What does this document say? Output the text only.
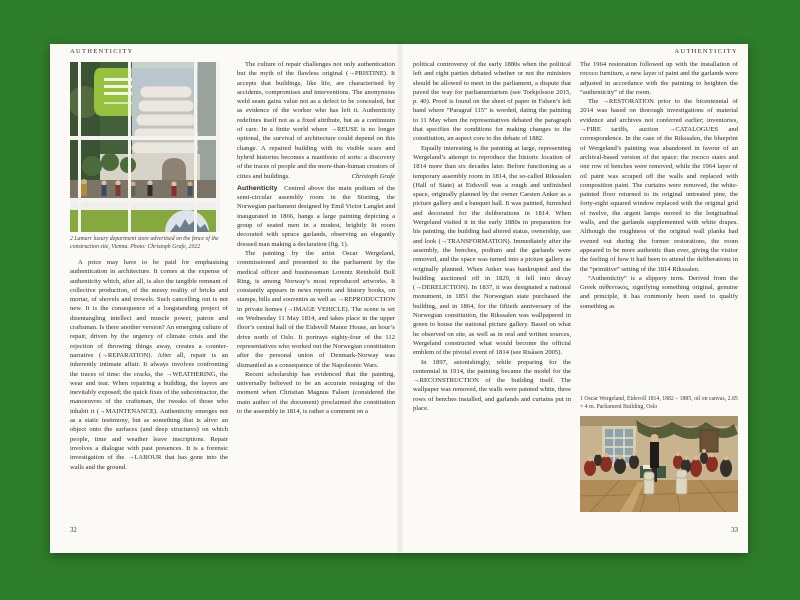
AUTHENTICITY
2 Lamarr luxury department store advertised on the fence of the construction site, Vienna. Photo: Christoph Grafe, 2022

A price may have to be paid for emphasising authentication in architecture. It comes at the expense of authenticity which, after all, is also the tangible remnant of collective production, of the messy reality of bricks and mortar, of shovels and trowels. Such cancelling out is not new. It is the consequence of a longstanding project of disentangling intellect and muscle power, patron and craftsman. Is there another version? An emerging culture of repair, driven by the urgency of climate crisis and the rejection of throwing things away, creates a counter-narrative (→REPARATION). After all, repair is an inherently intimate affair. It always involves confronting the traces of time: the cracks, the →WEATHERING, the wear and tear. When repairing a building, the layers are inevitably exposed; the quick fixes of the subcontractor, the manoeuvres of the craftsman, the tweaks of those who inhabit it (→MAINTENANCE). Authenticity emerges not as a static testimony, but as something that is alive: an object onto the surfaces (and deep structures) on which people, time and weather leave inscriptions. Repair involves a dialogue with past presences. It is a forensic investigation of the →LABOUR that has gone into the walls and the ground.

The culture of repair challenges not only authentication but the myth of the flawless original (→PRISTINE). It accepts that buildings, like life, are characterised by accidents, compromises and interventions. The anonymous weld seam gains value not as a defect to be concealed, but as evidence of the worker who has left it. Authenticity redefines itself not as a fixed attribute, but as a continuum of care. In a finite world where →REUSE is no longer optional, the survival of architecture could depend on this change. A repaired building with its visible scars and hybrid histories becomes a manifesto of sorts: a discovery of the traces of people and the more-than-human creators of cities and buildings.	Christoph Grafe

Authenticity  Centred above the main podium of the semi-circular assembly room in the Storting, the Norwegian parliament designed by Emil Victor Langlet and inaugurated in 1866, hangs a large painting depicting a group of seated men in a modest, brightly lit room decorated with spruce garlands, observing an elegantly dressed man making a declaration (fig. 1).

The painting by the artist Oscar Wergeland, commissioned and presented to the parliament by the medical officer and businessman Lorentz Reinhold Boll Ring, is among Norway’s most reproduced artworks. It constantly appears in news reports and history books, on stamps, bills and souvenirs as well as →REPRODUCTION in private homes (→IMAGE VEHICLE). The scene is set on Wednesday 11 May 1814, and takes place in the upper floor’s central hall of the Eidsvoll Manor House, an hour’s drive north of Oslo. It portrays eighty-four of the 112 representatives who worked out the Norwegian constitution after the personal union of Denmark-Norway was dismantled as a consequence of the Napoleonic Wars.

Recent scholarship has evidenced that the painting, universally believed to be an accurate restaging of the moment when Christian Magnus Falsen (considered the main author of the document) proclaimed the constitution to the assembly in 1814, is rather a comment on a

32
AUTHENTICITY

political controversy of the early 1880s when the political left and right parties debated whether or not the ministers should be allowed to meet in the parliament, a dispute that paved the way for parliamentarism (see Torkjelsson 2015, p. 40). Proof is found on the sheet of paper in Falsen’s left hand where “Paragraf 115” is worded, dating the painting to 11 May when the representatives debated the paragraph that specifies the conditions for making changes to the constitution, an aspect core to the debate of 1882.

Equally interesting is the painting at large, representing Wergeland’s attempt to reproduce the historic location of 1814 more than six decades later. Before functioning as a temporary assembly room in 1814, the so-called Rikssalen (Hall of State) at Eidsvoll was a rough and unfinished space, originally planned by the owner Carsten Anker as a picture gallery and a banquet hall. It was painted, furnished and decorated for the deliberations in 1814. When Wergeland visited it in the early 1880s in preparation for his painting, the building had altered status, ownership, use and look (→TRANSFORMATION). Immediately after the assembly, the benches, podium and the garlands were removed, and the space was turned into a picture gallery as originally planned. When Anker was bankrupted and the building auctioned off in 1829, it fell into decay (→DERELICTION). In 1837, it was designated a national monument, in 1851 the Norwegian state purchased the building, and in 1864, for the fiftieth anniversary of the Norwegian constitution, the Rikssalen was wallpapered in green to house the national picture gallery. Based on what he observed on site, as well as in oral and written sources, Wergeland constructed what would become the official emblem of the pivotal event of 1814 (see Risåsen 2005).

In 1897, astonishingly, while preparing for the centennial in 1914, the painting became the model for the →RECONSTRUCTION of the building itself. The wallpaper was removed, the walls were painted white, three rows of benches installed, and garlands and curtains put in place.

The 1964 restoration followed up with the installation of rococo furniture, a new layer of paint and the garlands were adjusted in accordance with the painting to heighten the “authenticity” of the room.

The →RESTORATION prior to the bicentennial of 2014 was based on thorough investigations of material evidence and archives not conferred earlier; inventories, →FIRE tariffs, auction →CATALOGUES and correspondence. In the case of the Rikssalen, the blueprint of Wergeland’s painting was abandoned in favour of an archival-based version of the space: the rococo stairs and one row of benches were removed, while the 1964 layer of oil paint was scraped off the walls and replaced with composition paint. The curtains were removed, the white-painted floor returned to its original untreated pine, the forty-eight squared window replaced with the original grid of twelve, the argent lamps moved to the longitudinal walls, and the garlands supplemented with white drapes. Although the roughness of the original wall planks had evened out during the former restorations, the room appeared to be more authentic than ever, giving the visitor the feeling of how it had been to attend the deliberations in the “primitive” setting of the 1814 Rikssalen.

“Authenticity” is a slippery term. Derived from the Greek αὐθεντικός, signifying something original, genuine and principle, it has commonly been used to qualify something as

1 Oscar Wergeland, Eidsvoll 1814, 1882 – 1885, oil on canvas, 2.85 × 4 m. Parliament Building, Oslo
33
